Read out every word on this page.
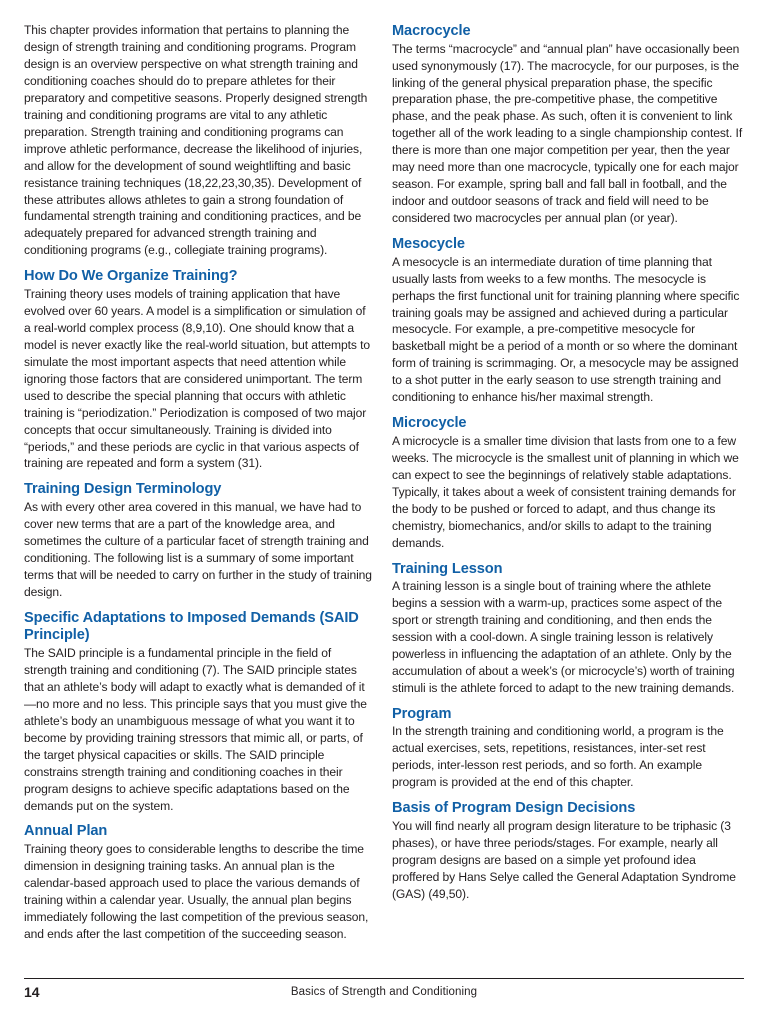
This chapter provides information that pertains to planning the design of strength training and conditioning programs. Program design is an overview perspective on what strength training and conditioning coaches should do to prepare athletes for their preparatory and competitive seasons. Properly designed strength training and conditioning programs are vital to any athletic preparation. Strength training and conditioning programs can improve athletic performance, decrease the likelihood of injuries, and allow for the development of sound weightlifting and basic resistance training techniques (18,22,23,30,35). Development of these attributes allows athletes to gain a strong foundation of fundamental strength training and conditioning practices, and be adequately prepared for advanced strength training and conditioning programs (e.g., collegiate training programs).

How Do We Organize Training?

Training theory uses models of training application that have evolved over 60 years. A model is a simplification or simulation of a real-world complex process (8,9,10). One should know that a model is never exactly like the real-world situation, but attempts to simulate the most important aspects that need attention while ignoring those factors that are considered unimportant. The term used to describe the special planning that occurs with athletic training is “periodization.” Periodization is composed of two major concepts that occur simultaneously. Training is divided into “periods,” and these periods are cyclic in that various aspects of training are repeated and form a system (31).

Training Design Terminology

As with every other area covered in this manual, we have had to cover new terms that are a part of the knowledge area, and sometimes the culture of a particular facet of strength training and conditioning. The following list is a summary of some important terms that will be needed to carry on further in the study of training design.

Specific Adaptations to Imposed Demands (SAID Principle)

The SAID principle is a fundamental principle in the field of strength training and conditioning (7). The SAID principle states that an athlete’s body will adapt to exactly what is demanded of it—no more and no less. This principle says that you must give the athlete’s body an unambiguous message of what you want it to become by providing training stressors that mimic all, or parts, of the target physical capacities or skills. The SAID principle constrains strength training and conditioning coaches in their program designs to achieve specific adaptations based on the demands put on the system.

Annual Plan

Training theory goes to considerable lengths to describe the time dimension in designing training tasks. An annual plan is the calendar-based approach used to place the various demands of training within a calendar year. Usually, the annual plan begins immediately following the last competition of the previous season, and ends after the last competition of the succeeding season.

Macrocycle

The terms “macrocycle” and “annual plan” have occasionally been used synonymously (17). The macrocycle, for our purposes, is the linking of the general physical preparation phase, the specific preparation phase, the pre-competitive phase, the competitive phase, and the peak phase. As such, often it is convenient to link together all of the work leading to a single championship contest. If there is more than one major competition per year, then the year may need more than one macrocycle, typically one for each major season. For example, spring ball and fall ball in football, and the indoor and outdoor seasons of track and field will need to be considered two macrocycles per annual plan (or year).

Mesocycle

A mesocycle is an intermediate duration of time planning that usually lasts from weeks to a few months. The mesocycle is perhaps the first functional unit for training planning where specific training goals may be assigned and achieved during a particular mesocycle. For example, a pre-competitive mesocycle for basketball might be a period of a month or so where the dominant form of training is scrimmaging. Or, a mesocycle may be assigned to a shot putter in the early season to use strength training and conditioning to enhance his/her maximal strength.

Microcycle

A microcycle is a smaller time division that lasts from one to a few weeks. The microcycle is the smallest unit of planning in which we can expect to see the beginnings of relatively stable adaptations. Typically, it takes about a week of consistent training demands for the body to be pushed or forced to adapt, and thus change its chemistry, biomechanics, and/or skills to adapt to the training demands.

Training Lesson

A training lesson is a single bout of training where the athlete begins a session with a warm-up, practices some aspect of the sport or strength training and conditioning, and then ends the session with a cool-down. A single training lesson is relatively powerless in influencing the adaptation of an athlete. Only by the accumulation of about a week’s (or microcycle’s) worth of training stimuli is the athlete forced to adapt to the new training demands.

Program

In the strength training and conditioning world, a program is the actual exercises, sets, repetitions, resistances, inter-set rest periods, inter-lesson rest periods, and so forth. An example program is provided at the end of this chapter.

Basis of Program Design Decisions

You will find nearly all program design literature to be triphasic (3 phases), or have three periods/stages. For example, nearly all program designs are based on a simple yet profound idea proffered by Hans Selye called the General Adaptation Syndrome (GAS) (49,50).

14	Basics of Strength and Conditioning
